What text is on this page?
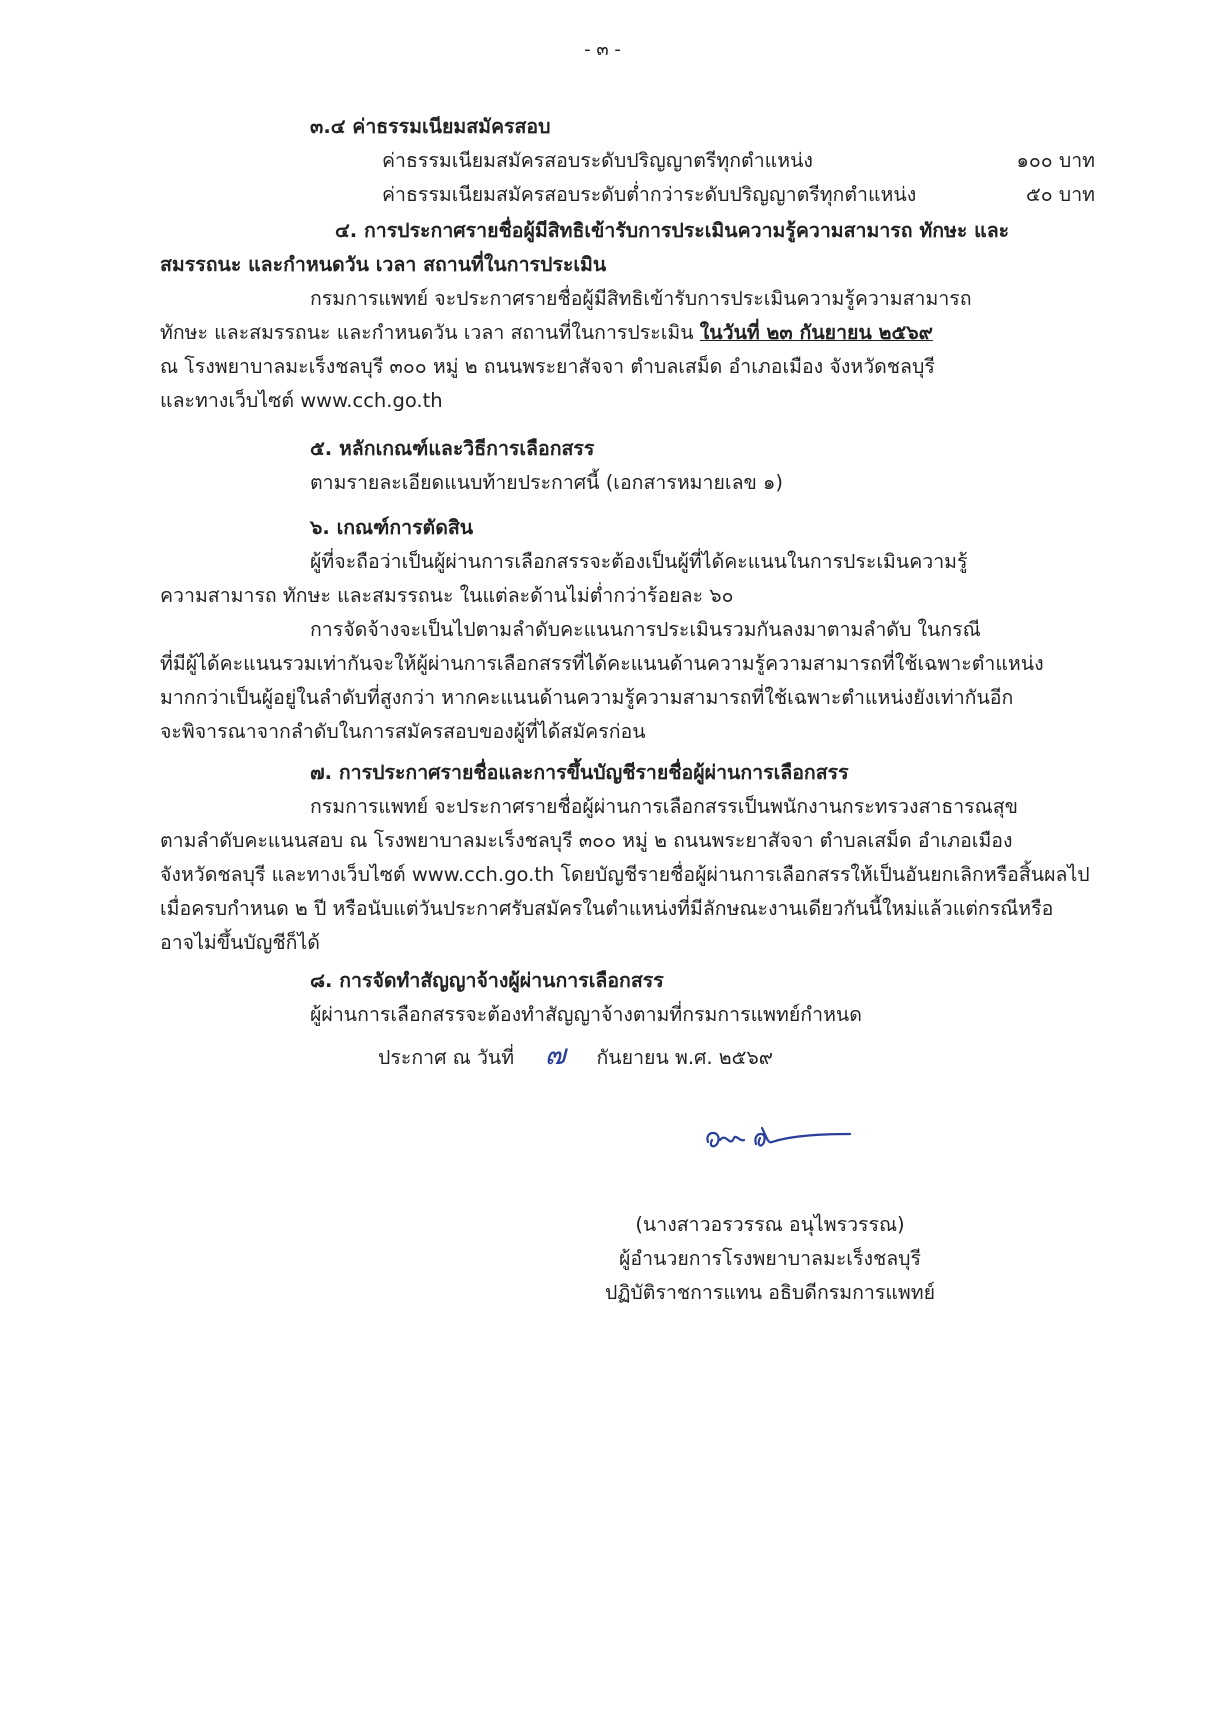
- ๓ -
๓.๔ ค่าธรรมเนียมสมัครสอบ
ค่าธรรมเนียมสมัครสอบระดับปริญญาตรีทุกตำแหน่ง	๑๐๐ บาท
ค่าธรรมเนียมสมัครสอบระดับต่ำกว่าระดับปริญญาตรีทุกตำแหน่ง	๕๐ บาท
๔. การประกาศรายชื่อผู้มีสิทธิเข้ารับการประเมินความรู้ความสามารถ ทักษะ และ
สมรรถนะ และกำหนดวัน เวลา สถานที่ในการประเมิน
กรมการแพทย์ จะประกาศรายชื่อผู้มีสิทธิเข้ารับการประเมินความรู้ความสามารถ
ทักษะ และสมรรถนะ และกำหนดวัน เวลา สถานที่ในการประเมิน ในวันที่ ๒๓ กันยายน ๒๕๖๙
ณ โรงพยาบาลมะเร็งชลบุรี ๓๐๐ หมู่ ๒ ถนนพระยาสัจจา ตำบลเสม็ด อำเภอเมือง จังหวัดชลบุรี
และทางเว็บไซต์ www.cch.go.th
๕. หลักเกณฑ์และวิธีการเลือกสรร
ตามรายละเอียดแนบท้ายประกาศนี้ (เอกสารหมายเลข ๑)
๖. เกณฑ์การตัดสิน
ผู้ที่จะถือว่าเป็นผู้ผ่านการเลือกสรรจะต้องเป็นผู้ที่ได้คะแนนในการประเมินความรู้
ความสามารถ ทักษะ และสมรรถนะ ในแต่ละด้านไม่ต่ำกว่าร้อยละ ๖๐
การจัดจ้างจะเป็นไปตามลำดับคะแนนการประเมินรวมกันลงมาตามลำดับ ในกรณี
ที่มีผู้ได้คะแนนรวมเท่ากันจะให้ผู้ผ่านการเลือกสรรที่ได้คะแนนด้านความรู้ความสามารถที่ใช้เฉพาะตำแหน่ง
มากกว่าเป็นผู้อยู่ในลำดับที่สูงกว่า หากคะแนนด้านความรู้ความสามารถที่ใช้เฉพาะตำแหน่งยังเท่ากันอีก
จะพิจารณาจากลำดับในการสมัครสอบของผู้ที่ได้สมัครก่อน
๗. การประกาศรายชื่อและการขึ้นบัญชีรายชื่อผู้ผ่านการเลือกสรร
กรมการแพทย์ จะประกาศรายชื่อผู้ผ่านการเลือกสรรเป็นพนักงานกระทรวงสาธารณสุข
ตามลำดับคะแนนสอบ ณ โรงพยาบาลมะเร็งชลบุรี ๓๐๐ หมู่ ๒ ถนนพระยาสัจจา ตำบลเสม็ด อำเภอเมือง
จังหวัดชลบุรี และทางเว็บไซต์ www.cch.go.th โดยบัญชีรายชื่อผู้ผ่านการเลือกสรรให้เป็นอันยกเลิกหรือสิ้นผลไป
เมื่อครบกำหนด ๒ ปี หรือนับแต่วันประกาศรับสมัครในตำแหน่งที่มีลักษณะงานเดียวกันนี้ใหม่แล้วแต่กรณีหรือ
อาจไม่ขึ้นบัญชีก็ได้
๘. การจัดทำสัญญาจ้างผู้ผ่านการเลือกสรร
ผู้ผ่านการเลือกสรรจะต้องทำสัญญาจ้างตามที่กรมการแพทย์กำหนด
ประกาศ ณ วันที่ ๗ กันยายน พ.ศ. ๒๕๖๙
(นางสาวอรวรรณ อนุไพรวรรณ)
ผู้อำนวยการโรงพยาบาลมะเร็งชลบุรี
ปฏิบัติราชการแทน อธิบดีกรมการแพทย์
